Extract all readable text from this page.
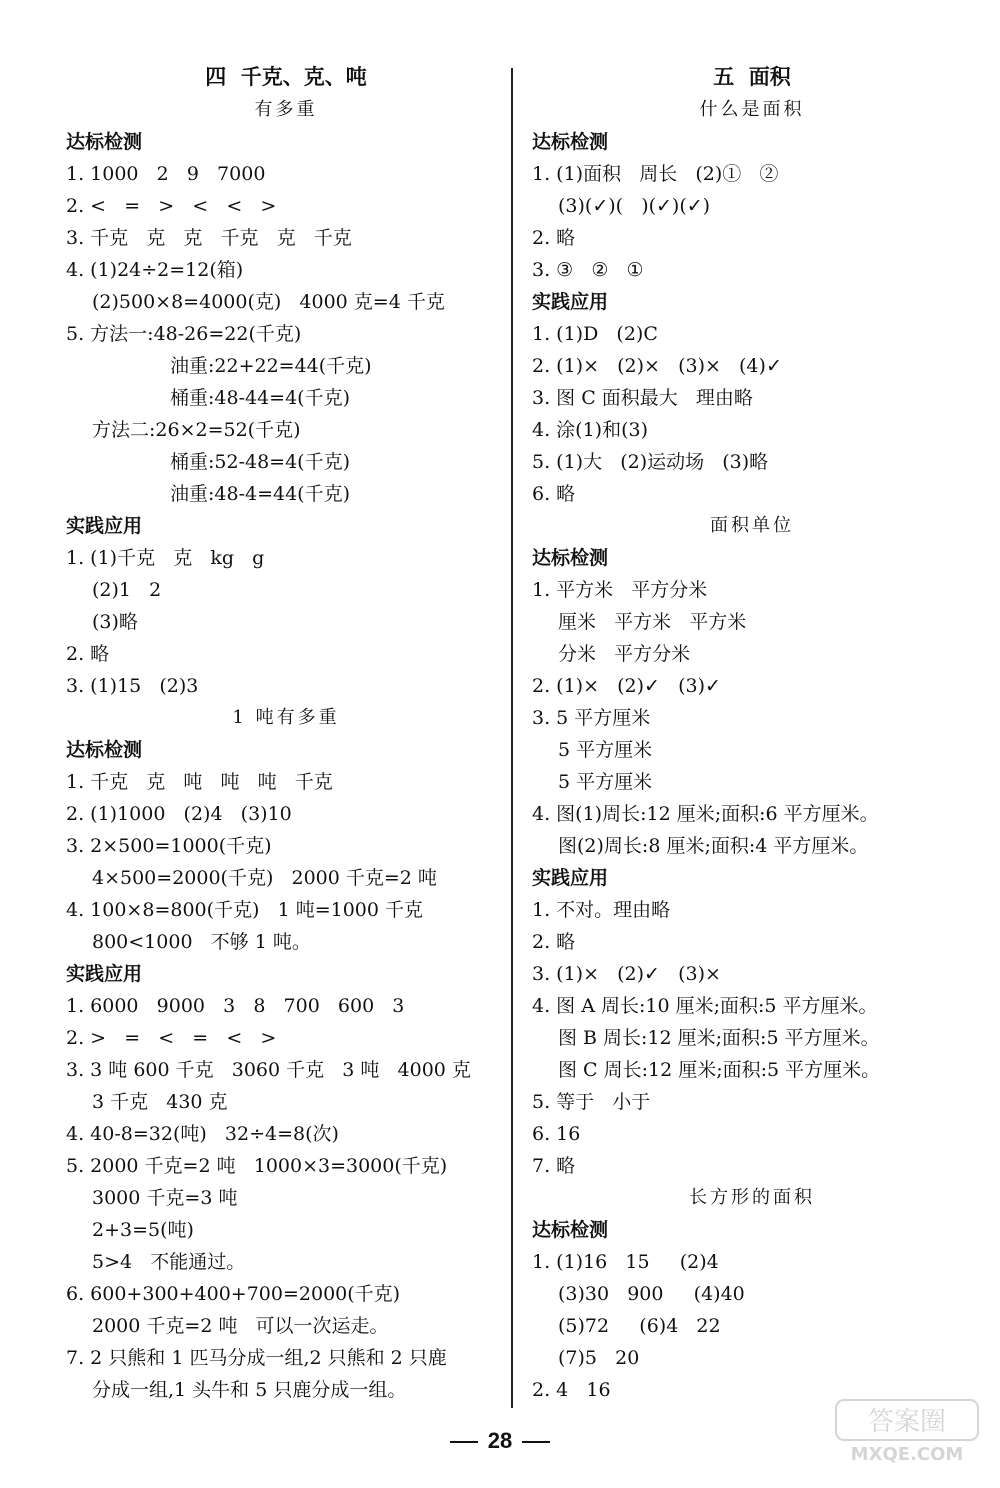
四  千克、克、吨
有多重
达标检测
1. 1000   2   9   7000
2. <   =   >   <   <   >
3. 千克   克   克   千克   克   千克
4. (1)24÷2=12(箱)
(2)500×8=4000(克)   4000 克=4 千克
5. 方法一:48-26=22(千克)
油重:22+22=44(千克)
桶重:48-44=4(千克)
方法二:26×2=52(千克)
桶重:52-48=4(千克)
油重:48-4=44(千克)
实践应用
1. (1)千克   克   kg   g
(2)1   2
(3)略
2. 略
3. (1)15   (2)3
1 吨有多重
达标检测
1. 千克   克   吨   吨   吨   千克
2. (1)1000   (2)4   (3)10
3. 2×500=1000(千克)
4×500=2000(千克)   2000 千克=2 吨
4. 100×8=800(千克)   1 吨=1000 千克
800<1000   不够 1 吨。
实践应用
1. 6000   9000   3   8   700   600   3
2. >   =   <   =   <   >
3. 3 吨 600 千克   3060 千克   3 吨   4000 克
3 千克   430 克
4. 40-8=32(吨)   32÷4=8(次)
5. 2000 千克=2 吨   1000×3=3000(千克)
3000 千克=3 吨
2+3=5(吨)
5>4   不能通过。
6. 600+300+400+700=2000(千克)
2000 千克=2 吨   可以一次运走。
7. 2 只熊和 1 匹马分成一组,2 只熊和 2 只鹿
分成一组,1 头牛和 5 只鹿分成一组。
五  面积
什么是面积
达标检测
1. (1)面积   周长   (2)①   ②
(3)(✓)(   )(✓)(✓)
2. 略
3. ③   ②   ①
实践应用
1. (1)D   (2)C
2. (1)×   (2)×   (3)×   (4)✓
3. 图 C 面积最大   理由略
4. 涂(1)和(3)
5. (1)大   (2)运动场   (3)略
6. 略
面积单位
达标检测
1. 平方米   平方分米
厘米   平方米   平方米
分米   平方分米
2. (1)×   (2)✓   (3)✓
3. 5 平方厘米
5 平方厘米
5 平方厘米
4. 图(1)周长:12 厘米;面积:6 平方厘米。
图(2)周长:8 厘米;面积:4 平方厘米。
实践应用
1. 不对。理由略
2. 略
3. (1)×   (2)✓   (3)×
4. 图 A 周长:10 厘米;面积:5 平方厘米。
图 B 周长:12 厘米;面积:5 平方厘米。
图 C 周长:12 厘米;面积:5 平方厘米。
5. 等于   小于
6. 16
7. 略
长方形的面积
达标检测
1. (1)16   15     (2)4
(3)30   900     (4)40
(5)72     (6)4   22
(7)5   20
2. 4   16
28
答案圈
MXQE.COM
